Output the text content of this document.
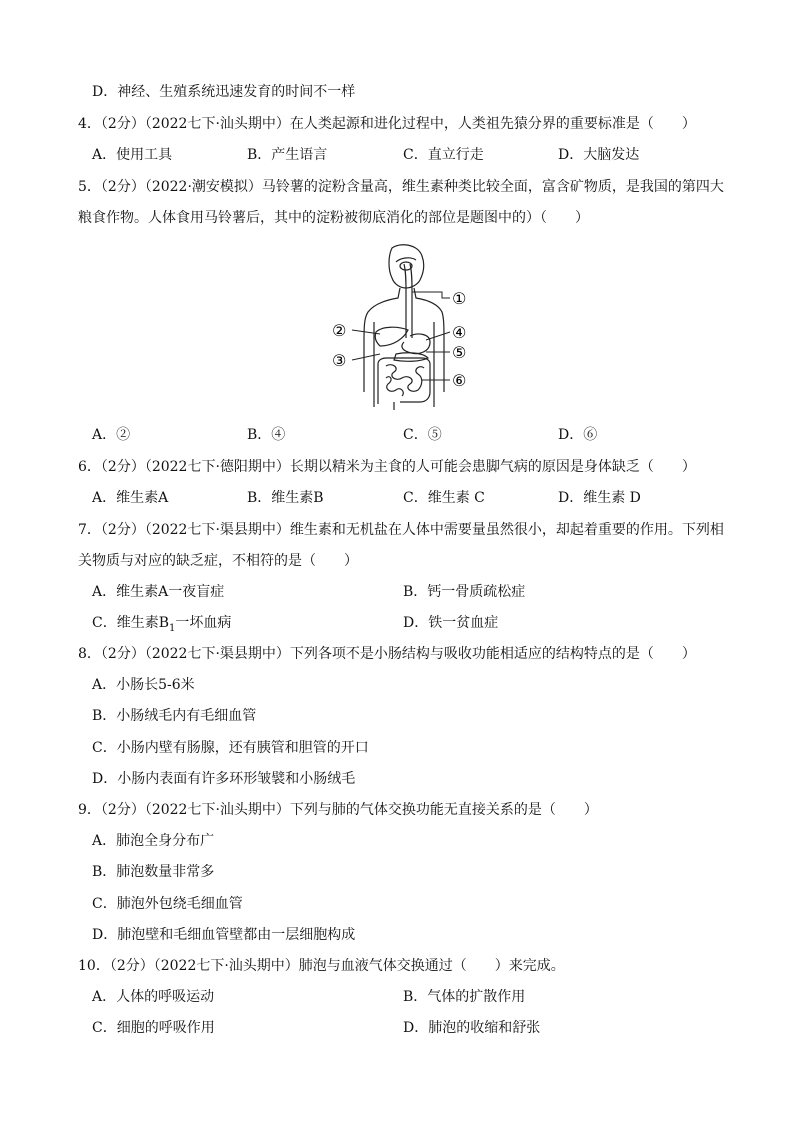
D．神经、生殖系统迅速发育的时间不一样
4．（2分）（2022七下·汕头期中）在人类起源和进化过程中，人类祖先猿分界的重要标准是（　　）
A．使用工具	B．产生语言	C．直立行走	D．大脑发达
5．（2分）（2022·潮安模拟）马铃薯的淀粉含量高，维生素种类比较全面，富含矿物质，是我国的第四大
粮食作物。人体食用马铃薯后，其中的淀粉被彻底消化的部位是题图中的）（　　）
①
②
③
④
⑤
⑥
A．②	B．④	C．⑤	D．⑥
6．（2分）（2022七下·德阳期中）长期以精米为主食的人可能会患脚气病的原因是身体缺乏（　　）
A．维生素A	B．维生素B	C．维生素 C	D．维生素 D
7．（2分）（2022七下·渠县期中）维生素和无机盐在人体中需要量虽然很小，却起着重要的作用。下列相
关物质与对应的缺乏症，不相符的是（　　）
A．维生素A一夜盲症	B．钙一骨质疏松症
C．维生素$B_1$一坏血病	D．铁一贫血症
8．（2分）（2022七下·渠县期中）下列各项不是小肠结构与吸收功能相适应的结构特点的是（　　）
A．小肠长5-6米
B．小肠绒毛内有毛细血管
C．小肠内壁有肠腺，还有胰管和胆管的开口
D．小肠内表面有许多环形皱襞和小肠绒毛
9．（2分）（2022七下·汕头期中）下列与肺的气体交换功能无直接关系的是（　　）
A．肺泡全身分布广
B．肺泡数量非常多
C．肺泡外包绕毛细血管
D．肺泡壁和毛细血管壁都由一层细胞构成
10．（2分）（2022七下·汕头期中）肺泡与血液气体交换通过（　　）来完成。
A．人体的呼吸运动	B．气体的扩散作用
C．细胞的呼吸作用	D．肺泡的收缩和舒张
